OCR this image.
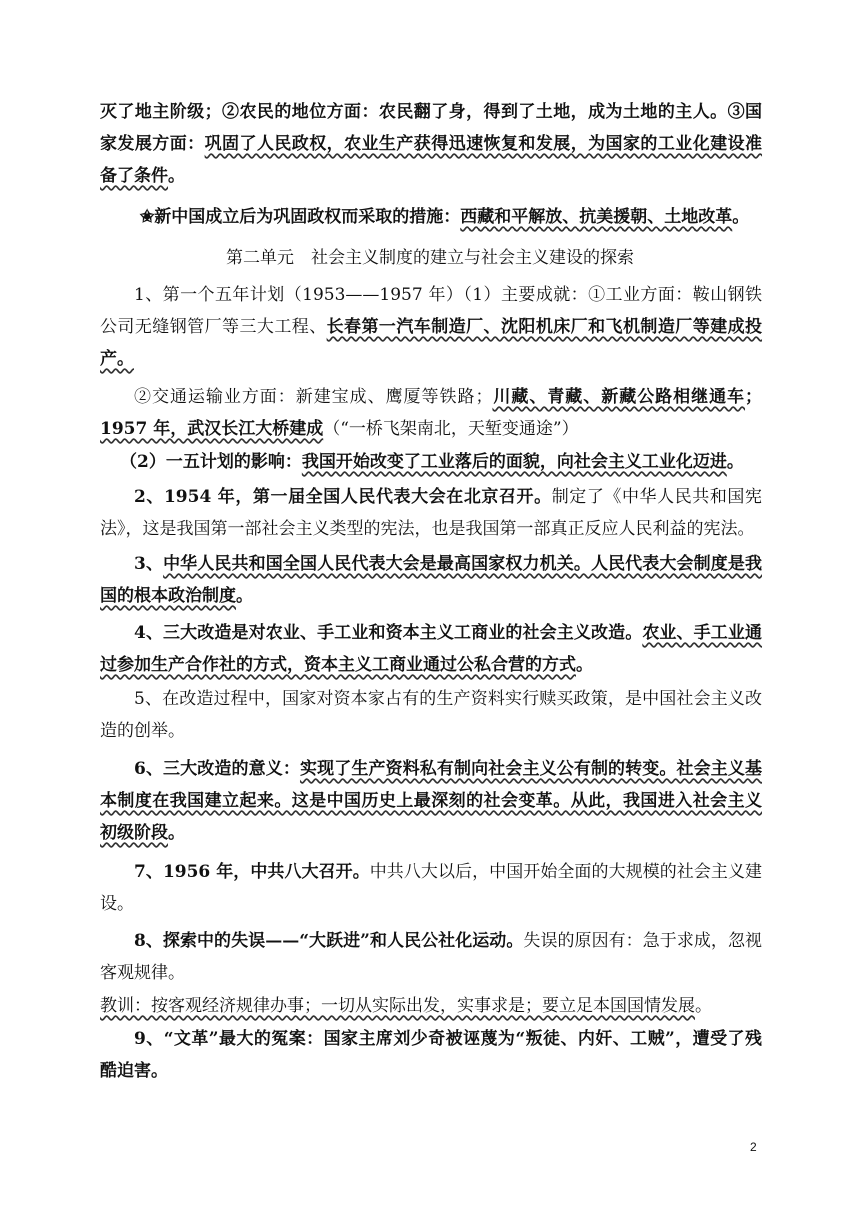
灭了地主阶级；②农民的地位方面：农民翻了身，得到了土地，成为土地的主人。③国家发展方面：巩固了人民政权，农业生产获得迅速恢复和发展，为国家的工业化建设准备了条件。

✬新中国成立后为巩固政权而采取的措施：西藏和平解放、抗美援朝、土地改革。

第二单元　社会主义制度的建立与社会主义建设的探索

1、第一个五年计划（1953——1957 年）（1）主要成就：①工业方面：鞍山钢铁公司无缝钢管厂等三大工程、长春第一汽车制造厂、沈阳机床厂和飞机制造厂等建成投产。

②交通运输业方面：新建宝成、鹰厦等铁路；川藏、青藏、新藏公路相继通车；1957 年，武汉长江大桥建成（“一桥飞架南北，天堑变通途”）

（2）一五计划的影响：我国开始改变了工业落后的面貌，向社会主义工业化迈进。

2、1954 年，第一届全国人民代表大会在北京召开。制定了《中华人民共和国宪法》，这是我国第一部社会主义类型的宪法，也是我国第一部真正反应人民利益的宪法。

3、中华人民共和国全国人民代表大会是最高国家权力机关。人民代表大会制度是我国的根本政治制度。

4、三大改造是对农业、手工业和资本主义工商业的社会主义改造。农业、手工业通过参加生产合作社的方式，资本主义工商业通过公私合营的方式。

5、在改造过程中，国家对资本家占有的生产资料实行赎买政策，是中国社会主义改造的创举。

6、三大改造的意义：实现了生产资料私有制向社会主义公有制的转变。社会主义基本制度在我国建立起来。这是中国历史上最深刻的社会变革。从此，我国进入社会主义初级阶段。

7、1956 年，中共八大召开。中共八大以后，中国开始全面的大规模的社会主义建设。

8、探索中的失误——“大跃进”和人民公社化运动。失误的原因有：急于求成，忽视客观规律。

教训：按客观经济规律办事；一切从实际出发，实事求是；要立足本国国情发展。

9、“文革”最大的冤案：国家主席刘少奇被诬蔑为“叛徒、内奸、工贼”，遭受了残酷迫害。

2
